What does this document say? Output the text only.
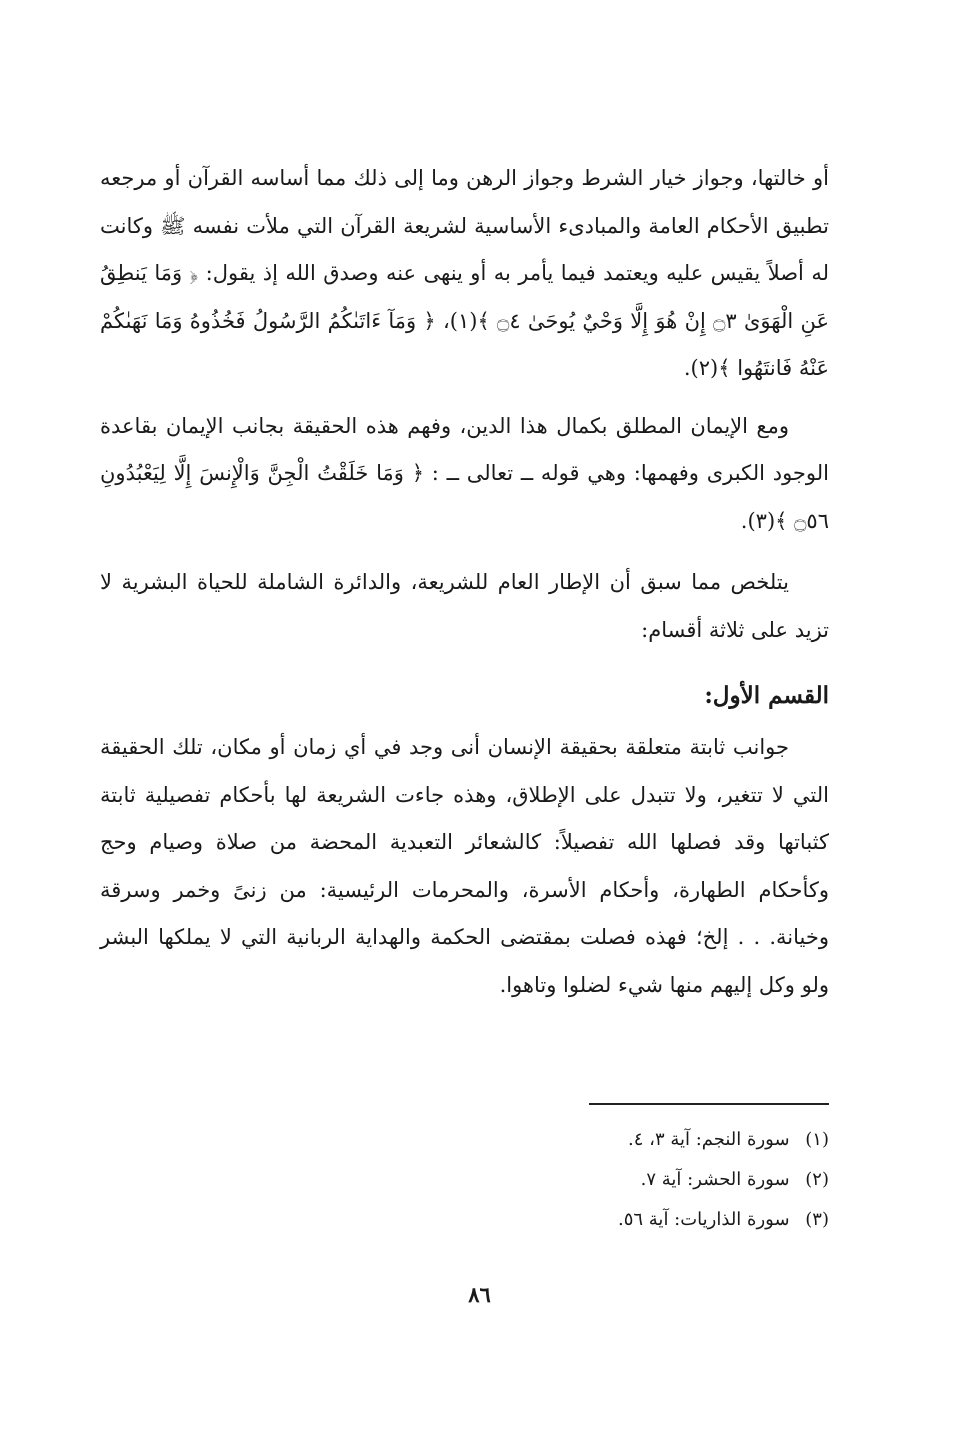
أو خالتها، وجواز خيار الشرط وجواز الرهن وما إلى ذلك مما أساسه القرآن أو مرجعه تطبيق الأحكام العامة والمبادىء الأساسية لشريعة القرآن التي ملأت نفسه ﷺ وكانت له أصلاً يقيس عليه ويعتمد فيما يأمر به أو ينهى عنه وصدق الله إذ يقول: ﴿ وَمَا يَنطِقُ عَنِ الْهَوَىٰ ۝٣ إِنْ هُوَ إِلَّا وَحْيٌ يُوحَىٰ ۝٤ ﴾(١)، ﴿ وَمَآ ءَاتَىٰكُمُ الرَّسُولُ فَخُذُوهُ وَمَا نَهَىٰكُمْ عَنْهُ فَانتَهُوا ﴾(٢).

ومع الإيمان المطلق بكمال هذا الدين، وفهم هذه الحقيقة بجانب الإيمان بقاعدة الوجود الكبرى وفهمها: وهي قوله ــ تعالى ــ : ﴿ وَمَا خَلَقْتُ الْجِنَّ وَالْإِنسَ إِلَّا لِيَعْبُدُونِ ۝٥٦ ﴾(٣).

يتلخص مما سبق أن الإطار العام للشريعة، والدائرة الشاملة للحياة البشرية لا تزيد على ثلاثة أقسام:

القسم الأول:

جوانب ثابتة متعلقة بحقيقة الإنسان أنى وجد في أي زمان أو مكان، تلك الحقيقة التي لا تتغير، ولا تتبدل على الإطلاق، وهذه جاءت الشريعة لها بأحكام تفصيلية ثابتة كثباتها وقد فصلها الله تفصيلاً: كالشعائر التعبدية المحضة من صلاة وصيام وحج وكأحكام الطهارة، وأحكام الأسرة، والمحرمات الرئيسية: من زنىً وخمر وسرقة وخيانة. . . إلخ؛ فهذه فصلت بمقتضى الحكمة والهداية الربانية التي لا يملكها البشر ولو وكل إليهم منها شيء لضلوا وتاهوا.

(١) سورة النجم: آية ٣، ٤.

(٢) سورة الحشر: آية ٧.

(٣) سورة الذاريات: آية ٥٦.

٨٦
